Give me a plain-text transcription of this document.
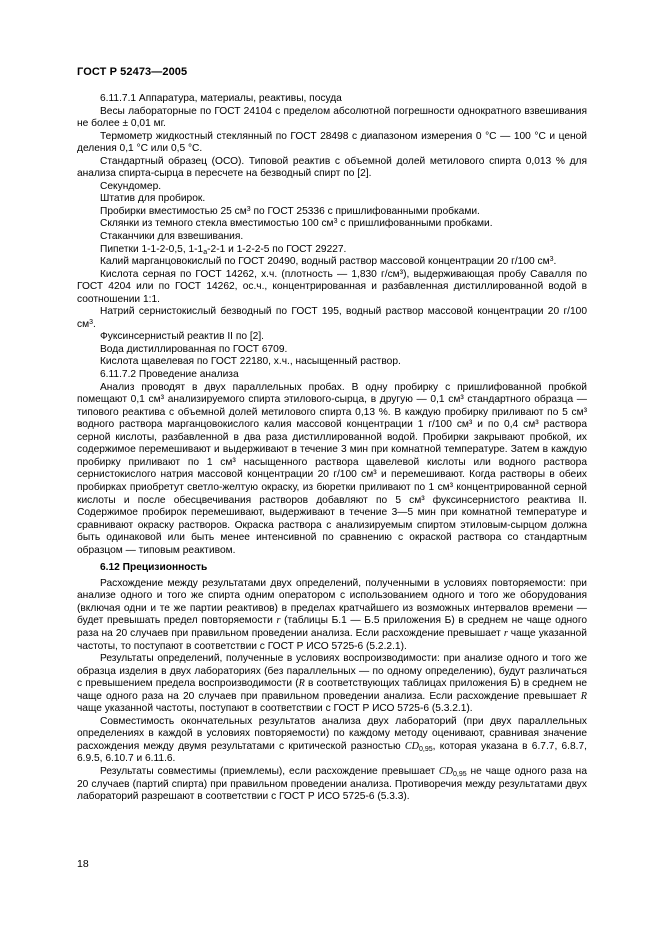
ГОСТ Р 52473—2005

6.11.7.1 Аппаратура, материалы, реактивы, посуда

Весы лабораторные по ГОСТ 24104 с пределом абсолютной погрешности однократного взвешивания не более ± 0,01 мг.

Термометр жидкостный стеклянный по ГОСТ 28498 с диапазоном измерения 0 °С — 100 °С и ценой деления 0,1 °С или 0,5 °С.

Стандартный образец (ОСО). Типовой реактив с объемной долей метилового спирта 0,013 % для анализа спирта-сырца в пересчете на безводный спирт по [2].

Секундомер.

Штатив для пробирок.

Пробирки вместимостью 25 $см^3$ по ГОСТ 25336 с пришлифованными пробками.

Склянки из темного стекла вместимостью 100 $см^3$ с пришлифованными пробками.

Стаканчики для взвешивания.

Пипетки 1-1-2-0,5, $1-1_а-2-1$ и 1-2-2-5 по ГОСТ 29227.

Калий марганцовокислый по ГОСТ 20490, водный раствор массовой концентрации 20 г/100 $см^3$.

Кислота серная по ГОСТ 14262, х.ч. (плотность — 1,830 г/см³), выдерживающая пробу Савалля по ГОСТ 4204 или по ГОСТ 14262, ос.ч., концентрированная и разбавленная дистиллированной водой в соотношении 1:1.

Натрий сернистокислый безводный по ГОСТ 195, водный раствор массовой концентрации 20 г/100 $см^3$.

Фуксинсернистый реактив II по [2].

Вода дистиллированная по ГОСТ 6709.

Кислота щавелевая по ГОСТ 22180, х.ч., насыщенный раствор.

6.11.7.2 Проведение анализа

Анализ проводят в двух параллельных пробах. В одну пробирку с пришлифованной пробкой помещают 0,1 см³ анализируемого спирта этилового-сырца, в другую — 0,1 см³ стандартного образца — типового реактива с объемной долей метилового спирта 0,13 %. В каждую пробирку приливают по 5 см³ водного раствора марганцовокислого калия массовой концентрации 1 г/100 см³ и по 0,4 см³ раствора серной кислоты, разбавленной в два раза дистиллированной водой. Пробирки закрывают пробкой, их содержимое перемешивают и выдерживают в течение 3 мин при комнатной температуре. Затем в каждую пробирку приливают по 1 см³ насыщенного раствора щавелевой кислоты или водного раствора сернистокислого натрия массовой концентрации 20 г/100 см³ и перемешивают. Когда растворы в обеих пробирках приобретут светло-желтую окраску, из бюретки приливают по 1 см³ концентрированной серной кислоты и после обесцвечивания растворов добавляют по 5 см³ фуксинсернистого реактива II. Содержимое пробирок перемешивают, выдерживают в течение 3—5 мин при комнатной температуре и сравнивают окраску растворов. Окраска раствора с анализируемым спиртом этиловым-сырцом должна быть одинаковой или быть менее интенсивной по сравнению с окраской раствора со стандартным образцом — типовым реактивом.

6.12 Прецизионность

Расхождение между результатами двух определений, полученными в условиях повторяемости: при анализе одного и того же спирта одним оператором с использованием одного и того же оборудования (включая одни и те же партии реактивов) в пределах кратчайшего из возможных интервалов времени — будет превышать предел повторяемости r (таблицы Б.1 — Б.5 приложения Б) в среднем не чаще одного раза на 20 случаев при правильном проведении анализа. Если расхождение превышает r чаще указанной частоты, то поступают в соответствии с ГОСТ Р ИСО 5725-6 (5.2.2.1).

Результаты определений, полученные в условиях воспроизводимости: при анализе одного и того же образца изделия в двух лабораториях (без параллельных — по одному определению), будут различаться с превышением предела воспроизводимости (R в соответствующих таблицах приложения Б) в среднем не чаще одного раза на 20 случаев при правильном проведении анализа. Если расхождение превышает R чаще указанной частоты, поступают в соответствии с ГОСТ Р ИСО 5725-6 (5.3.2.1).

Совместимость окончательных результатов анализа двух лабораторий (при двух параллельных определениях в каждой в условиях повторяемости) по каждому методу оценивают, сравнивая значение расхождения между двумя результатами с критической разностью $CD_{0,95}$, которая указана в 6.7.7, 6.8.7, 6.9.5, 6.10.7 и 6.11.6.

Результаты совместимы (приемлемы), если расхождение превышает $CD_{0,95}$ не чаще одного раза на 20 случаев (партий спирта) при правильном проведении анализа. Противоречия между результатами двух лабораторий разрешают в соответствии с ГОСТ Р ИСО 5725-6 (5.3.3).

18
